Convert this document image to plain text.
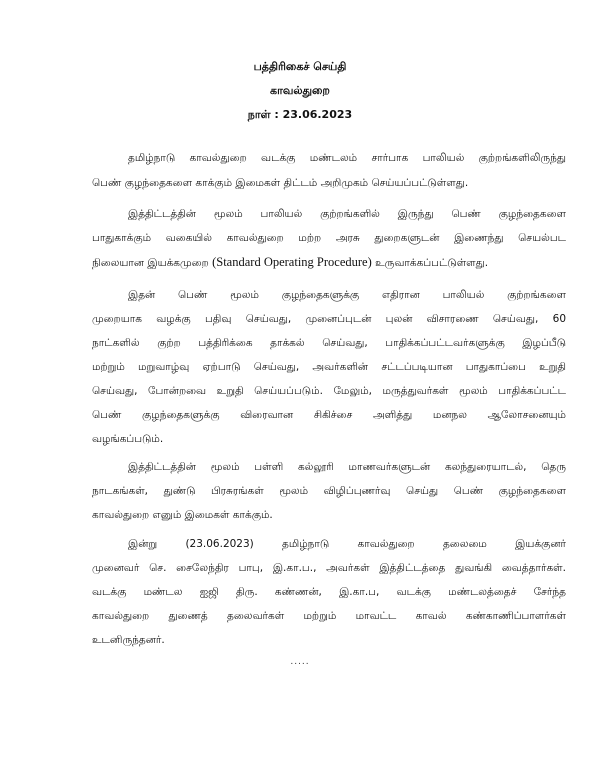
பத்திரிகைச் செய்தி
காவல்துறை
நாள் : 23.06.2023
தமிழ்நாடு காவல்துறை வடக்கு மண்டலம் சார்பாக பாலியல் குற்றங்களிலிருந்து
பெண் குழந்தைகளை காக்கும் இமைகள் திட்டம் அறிமுகம் செய்யப்பட்டுள்ளது.
இத்திட்டத்தின் மூலம் பாலியல் குற்றங்களில் இருந்து பெண் குழந்தைகளை
பாதுகாக்கும் வகையில் காவல்துறை மற்ற அரசு துறைகளுடன் இணைந்து செயல்பட
நிலையான இயக்கமுறை (Standard Operating Procedure) உருவாக்கப்பட்டுள்ளது.
இதன் பெண் மூலம் குழந்தைகளுக்கு எதிரான பாலியல் குற்றங்களை
முறையாக வழக்கு பதிவு செய்வது, முனைப்புடன் புலன் விசாரணை செய்வது, 60
நாட்களில் குற்ற பத்திரிக்கை தாக்கல் செய்வது, பாதிக்கப்பட்டவர்களுக்கு இழப்பீடு
மற்றும் மறுவாழ்வு ஏற்பாடு செய்வது, அவர்களின் சட்டப்படியான பாதுகாப்பை உறுதி
செய்வது, போன்றவை உறுதி செய்யப்படும். மேலும், மருத்துவர்கள் மூலம் பாதிக்கப்பட்ட
பெண் குழந்தைகளுக்கு விரைவான சிகிச்சை அளித்து மனநல ஆலோசனையும்
வழங்கப்படும்.
இத்திட்டத்தின் மூலம் பள்ளி கல்லூரி மாணவர்களுடன் கலந்துரையாடல், தெரு
நாடகங்கள், துண்டு பிரசுரங்கள் மூலம் விழிப்புணர்வு செய்து பெண் குழந்தைகளை
காவல்துறை எனும் இமைகள் காக்கும்.
இன்று (23.06.2023) தமிழ்நாடு காவல்துறை தலைமை இயக்குனர்
முனைவர் செ. சைலேந்திர பாபு, இ.கா.ப., அவர்கள் இத்திட்டத்தை துவங்கி வைத்தார்கள்.
வடக்கு மண்டல ஐஜி திரு. கண்ணன், இ.கா.ப, வடக்கு மண்டலத்தைச் சேர்ந்த
காவல்துறை துணைத் தலைவர்கள் மற்றும் மாவட்ட காவல் கண்காணிப்பாளர்கள்
உடனிருந்தனர்.
.....
